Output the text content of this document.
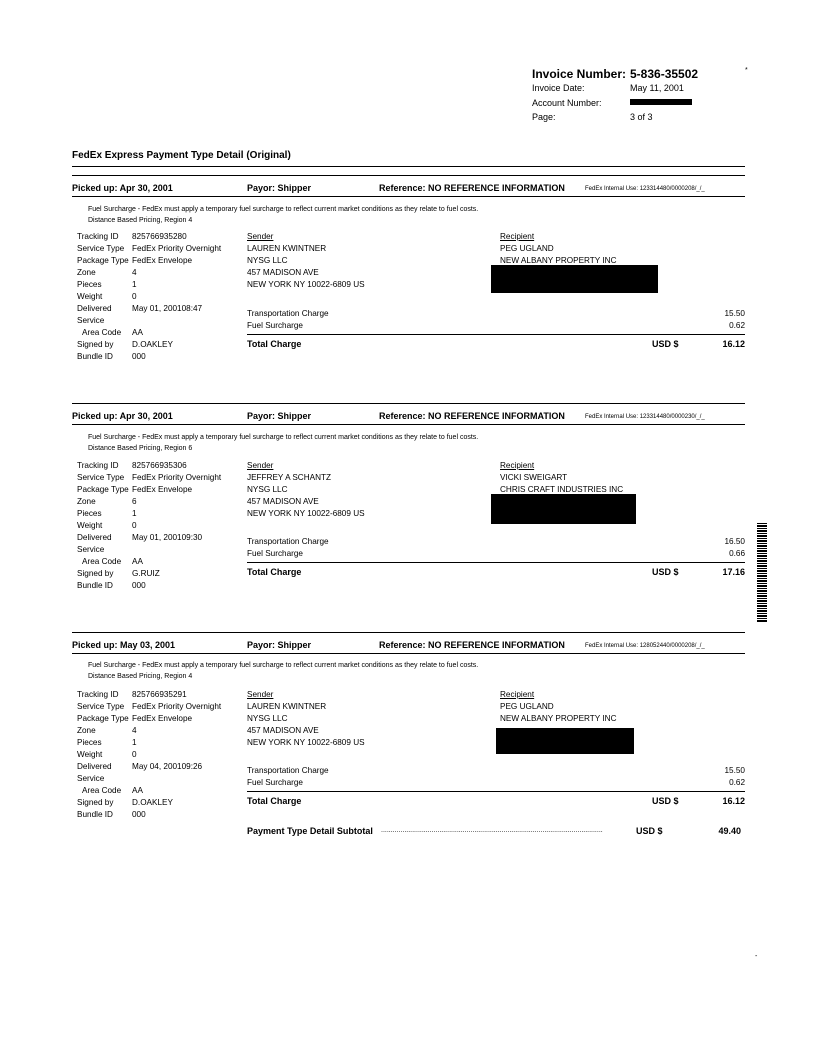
Invoice Number: 5-836-35502	*
Invoice Date:	May 11, 2001
Account Number:
Page:	3 of 3
FedEx Express Payment Type Detail (Original)
Picked up: Apr 30, 2001	Payor: Shipper	Reference: NO REFERENCE INFORMATION	FedEx Internal Use: 123314480/0000208/_/_
Fuel Surcharge - FedEx must apply a temporary fuel surcharge to reflect current market conditions as they relate to fuel costs.
Distance Based Pricing, Region 4
Tracking ID 825766935280
Service Type FedEx Priority Overnight
Package Type FedEx Envelope
Zone	4
Pieces	1
Weight	0
Delivered May 01, 200108:47
Service
Area Code AA
Signed by D.OAKLEY
Bundle ID 000
Sender
LAUREN KWINTNER
NYSG LLC
457 MADISON AVE
NEW YORK NY 10022-6809 US
Recipient
PEG UGLAND
NEW ALBANY PROPERTY INC
Transportation Charge	15.50
Fuel Surcharge	0.62
Total Charge	USD $	16.12
Picked up: Apr 30, 2001	Payor: Shipper	Reference: NO REFERENCE INFORMATION	FedEx Internal Use: 123314480/0000230/_/_
Fuel Surcharge - FedEx must apply a temporary fuel surcharge to reflect current market conditions as they relate to fuel costs.
Distance Based Pricing, Region 6
Tracking ID 825766935306
Service Type FedEx Priority Overnight
Package Type FedEx Envelope
Zone	6
Pieces	1
Weight	0
Delivered May 01, 200109:30
Service
Area Code AA
Signed by G.RUIZ
Bundle ID 000
Sender
JEFFREY A SCHANTZ
NYSG LLC
457 MADISON AVE
NEW YORK NY 10022-6809 US
Recipient
VICKI SWEIGART
CHRIS CRAFT INDUSTRIES INC
Transportation Charge	16.50
Fuel Surcharge	0.66
Total Charge	USD $	17.16
Picked up: May 03, 2001	Payor: Shipper	Reference: NO REFERENCE INFORMATION	FedEx Internal Use: 128052440/0000208/_/_
Fuel Surcharge - FedEx must apply a temporary fuel surcharge to reflect current market conditions as they relate to fuel costs.
Distance Based Pricing, Region 4
Tracking ID 825766935291
Service Type FedEx Priority Overnight
Package Type FedEx Envelope
Zone	4
Pieces	1
Weight	0
Delivered May 04, 200109:26
Service
Area Code AA
Signed by D.OAKLEY
Bundle ID 000
Sender
LAUREN KWINTNER
NYSG LLC
457 MADISON AVE
NEW YORK NY 10022-6809 US
Recipient
PEG UGLAND
NEW ALBANY PROPERTY INC
Transportation Charge	15.50
Fuel Surcharge	0.62
Total Charge	USD $	16.12
Payment Type Detail Subtotal ..................................................................................................................	USD $	49.40
-
